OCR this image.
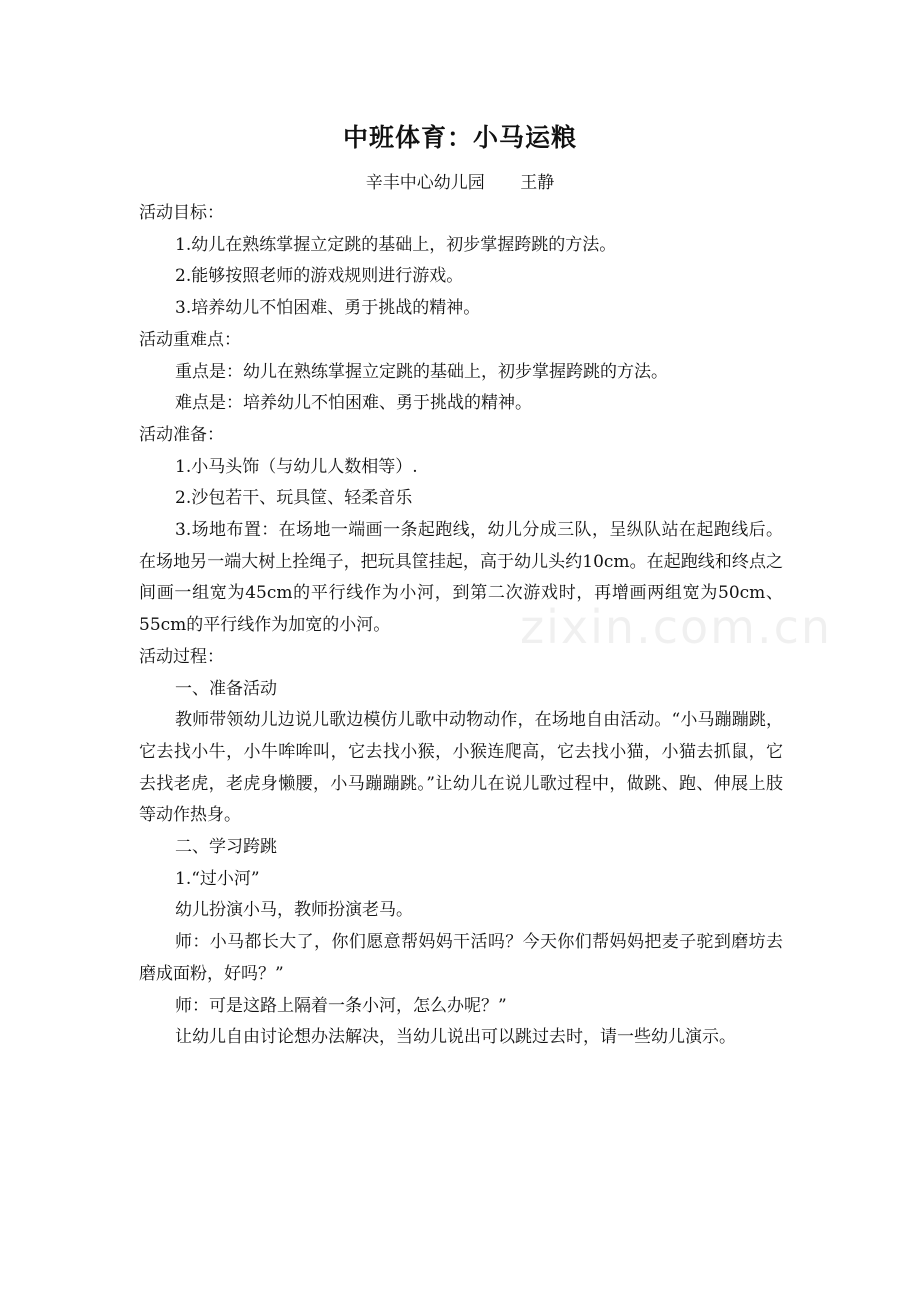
中班体育：小马运粮
辛丰中心幼儿园 王静

活动目标：

1.幼儿在熟练掌握立定跳的基础上，初步掌握跨跳的方法。

2.能够按照老师的游戏规则进行游戏。

3.培养幼儿不怕困难、勇于挑战的精神。

活动重难点：

重点是：幼儿在熟练掌握立定跳的基础上，初步掌握跨跳的方法。

难点是：培养幼儿不怕困难、勇于挑战的精神。

活动准备：

1.小马头饰（与幼儿人数相等）.

2.沙包若干、玩具筐、轻柔音乐

3.场地布置：在场地一端画一条起跑线，幼儿分成三队，呈纵队站在起跑线后。在场地另一端大树上拴绳子，把玩具筐挂起，高于幼儿头约10cm。在起跑线和终点之间画一组宽为45cm的平行线作为小河，到第二次游戏时，再增画两组宽为50cm、55cm的平行线作为加宽的小河。

活动过程：

一、准备活动

教师带领幼儿边说儿歌边模仿儿歌中动物动作，在场地自由活动。“小马蹦蹦跳，它去找小牛，小牛哞哞叫，它去找小猴，小猴连爬高，它去找小猫，小猫去抓鼠，它去找老虎，老虎身懒腰，小马蹦蹦跳。”让幼儿在说儿歌过程中，做跳、跑、伸展上肢等动作热身。

二、学习跨跳

1.“过小河”

幼儿扮演小马，教师扮演老马。

师：小马都长大了，你们愿意帮妈妈干活吗？今天你们帮妈妈把麦子驼到磨坊去磨成面粉，好吗？”

师：可是这路上隔着一条小河，怎么办呢？”

让幼儿自由讨论想办法解决，当幼儿说出可以跳过去时，请一些幼儿演示。

zixin.com.cn
